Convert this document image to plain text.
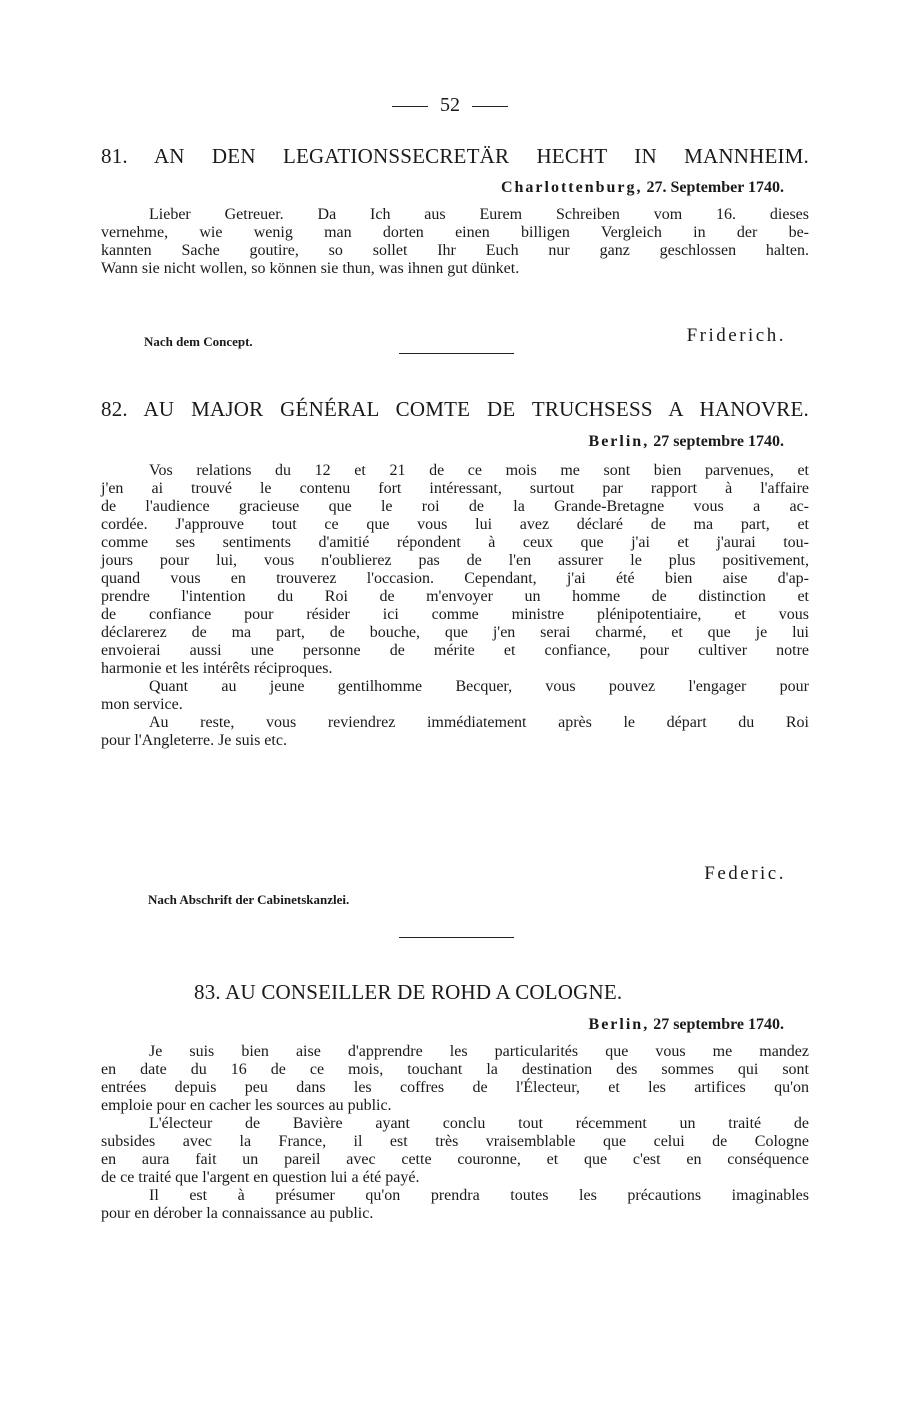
52
81. AN DEN LEGATIONSSECRETÄR HECHT IN MANNHEIM.
Charlottenburg, 27. September 1740.
Lieber Getreuer. Da Ich aus Eurem Schreiben vom 16. dieses
vernehme, wie wenig man dorten einen billigen Vergleich in der be-
kannten Sache goutire, so sollet Ihr Euch nur ganz geschlossen halten.
Wann sie nicht wollen, so können sie thun, was ihnen gut dünket.
Nach dem Concept.	Friderich.
82. AU MAJOR GÉNÉRAL COMTE DE TRUCHSESS A HANOVRE.
Berlin, 27 septembre 1740.
Vos relations du 12 et 21 de ce mois me sont bien parvenues, et
j'en ai trouvé le contenu fort intéressant, surtout par rapport à l'affaire
de l'audience gracieuse que le roi de la Grande-Bretagne vous a ac-
cordée. J'approuve tout ce que vous lui avez déclaré de ma part, et
comme ses sentiments d'amitié répondent à ceux que j'ai et j'aurai tou-
jours pour lui, vous n'oublierez pas de l'en assurer le plus positivement,
quand vous en trouverez l'occasion. Cependant, j'ai été bien aise d'ap-
prendre l'intention du Roi de m'envoyer un homme de distinction et
de confiance pour résider ici comme ministre plénipotentiaire, et vous
déclarerez de ma part, de bouche, que j'en serai charmé, et que je lui
envoierai aussi une personne de mérite et confiance, pour cultiver notre
harmonie et les intérêts réciproques.
Quant au jeune gentilhomme Becquer, vous pouvez l'engager pour
mon service.
Au reste, vous reviendrez immédiatement après le départ du Roi
pour l'Angleterre. Je suis etc.
Federic.
Nach Abschrift der Cabinetskanzlei.
83. AU CONSEILLER DE ROHD A COLOGNE.
Berlin, 27 septembre 1740.
Je suis bien aise d'apprendre les particularités que vous me mandez
en date du 16 de ce mois, touchant la destination des sommes qui sont
entrées depuis peu dans les coffres de l'Électeur, et les artifices qu'on
emploie pour en cacher les sources au public.
L'électeur de Bavière ayant conclu tout récemment un traité de
subsides avec la France, il est très vraisemblable que celui de Cologne
en aura fait un pareil avec cette couronne, et que c'est en conséquence
de ce traité que l'argent en question lui a été payé.
Il est à présumer qu'on prendra toutes les précautions imaginables
pour en dérober la connaissance au public.
